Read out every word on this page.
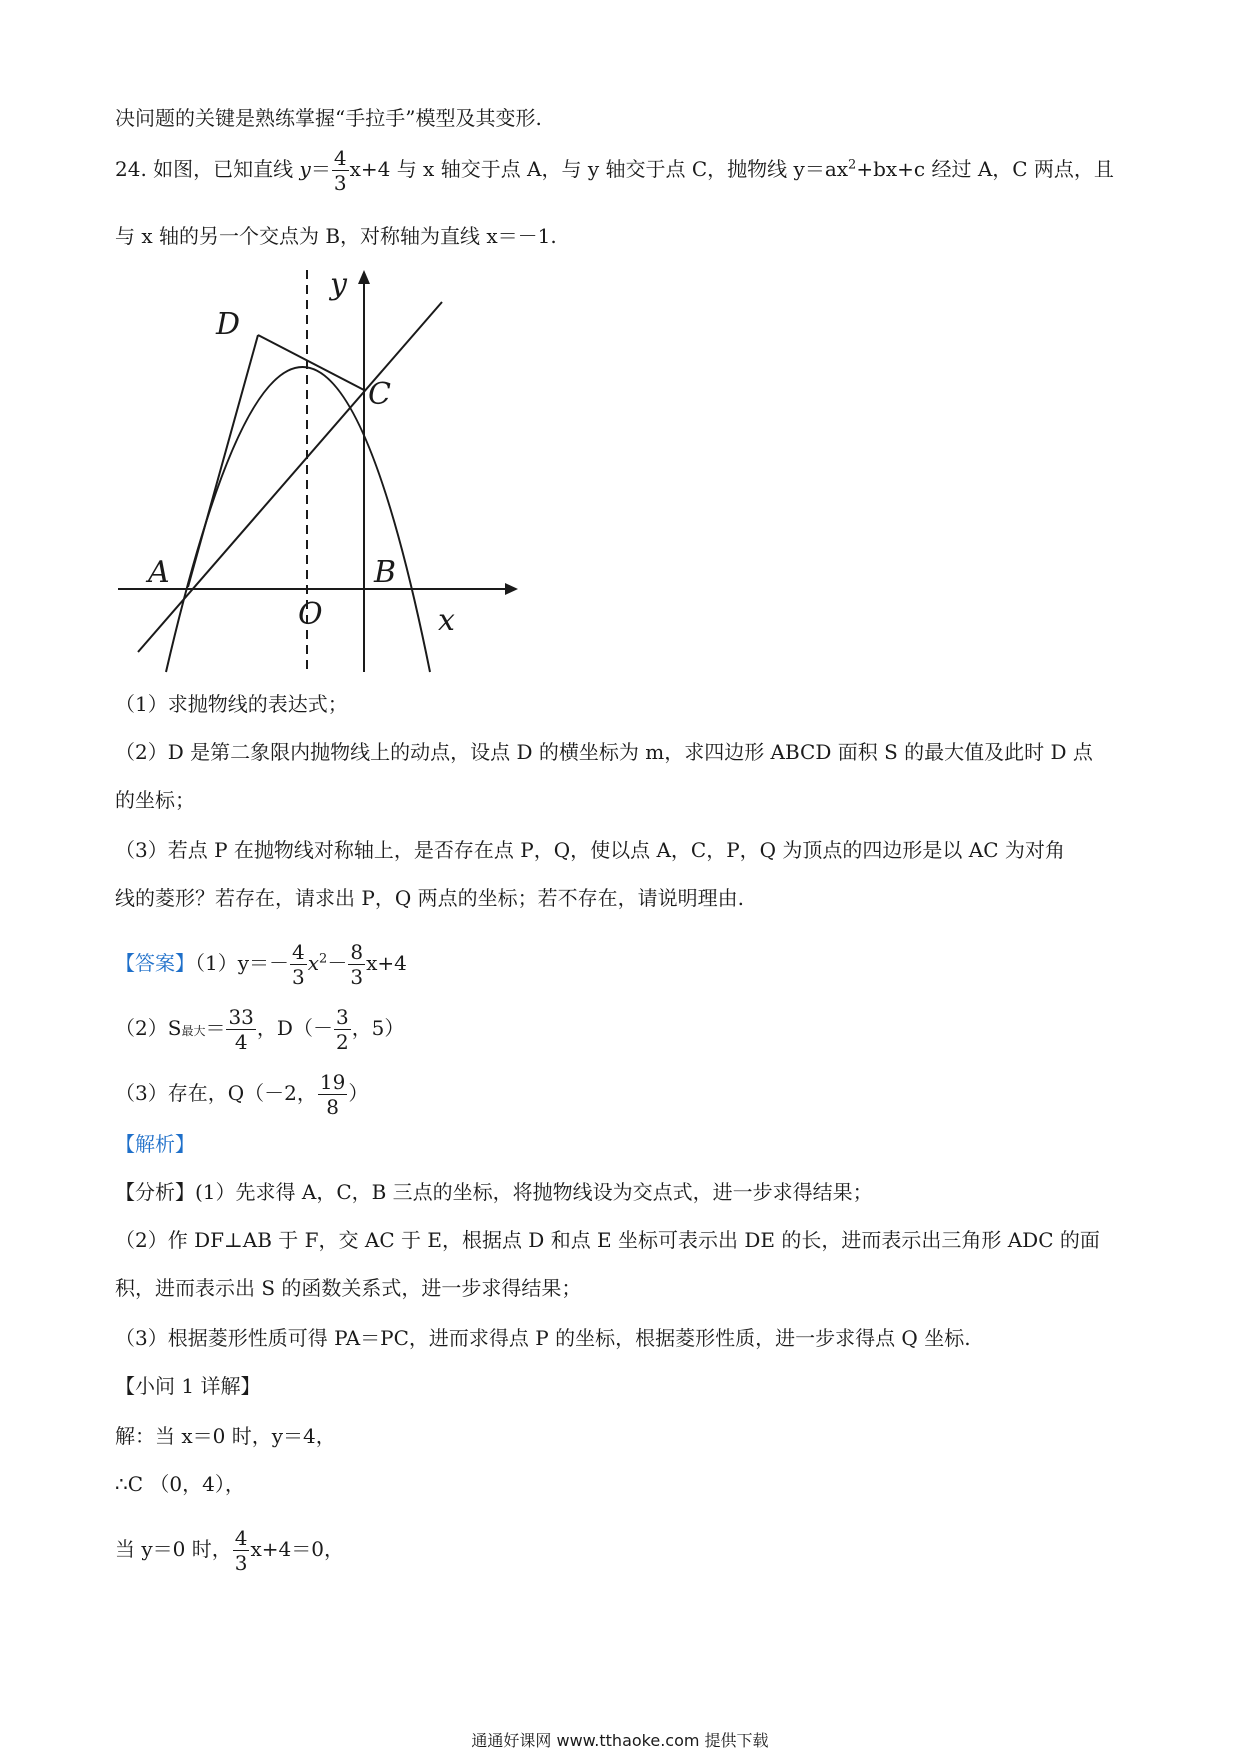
决问题的关键是熟练掌握“手拉手”模型及其变形.
24. 如图，已知直线 $y= \frac{4}{3} x+4$ 与 x 轴交于点 A，与 y 轴交于点 C，抛物线 $y=ax^2+bx+c$ 经过 A，C 两点，且
与 x 轴的另一个交点为 B，对称轴为直线 x＝－1.
D
C
A	B
O	x
y
（1）求抛物线的表达式；
（2）D 是第二象限内抛物线上的动点，设点 D 的横坐标为 m，求四边形 ABCD 面积 S 的最大值及此时 D 点
的坐标；
（3）若点 P 在抛物线对称轴上，是否存在点 P，Q，使以点 A，C，P，Q 为顶点的四边形是以 AC 为对角
线的菱形？若存在，请求出 P，Q 两点的坐标；若不存在，请说明理由.
【答案】$(1)y=- \frac{4}{3} x^2- \frac{8}{3} x+4$
（2）S最大＝ $\frac{33}{4}$ ，$D(- \frac{3}{2}$ ，5）
（3）存在，Q（－2， $\frac{19}{8}$ ）
【解析】
【分析】(1）先求得 A，C，B 三点的坐标，将抛物线设为交点式，进一步求得结果；
（2）作 DF⊥AB 于 F，交 AC 于 E，根据点 D 和点 E 坐标可表示出 DE 的长，进而表示出三角形 ADC 的面
积，进而表示出 S 的函数关系式，进一步求得结果；
（3）根据菱形性质可得 PA＝PC，进而求得点 P 的坐标，根据菱形性质，进一步求得点 Q 坐标.
【小问 1 详解】
解：当 x＝0 时，y＝4，
∴C （0，4），
当 y＝0 时， $\frac{4}{3} x+4=0$，
通通好课网 www.tthaoke.com 提供下载
